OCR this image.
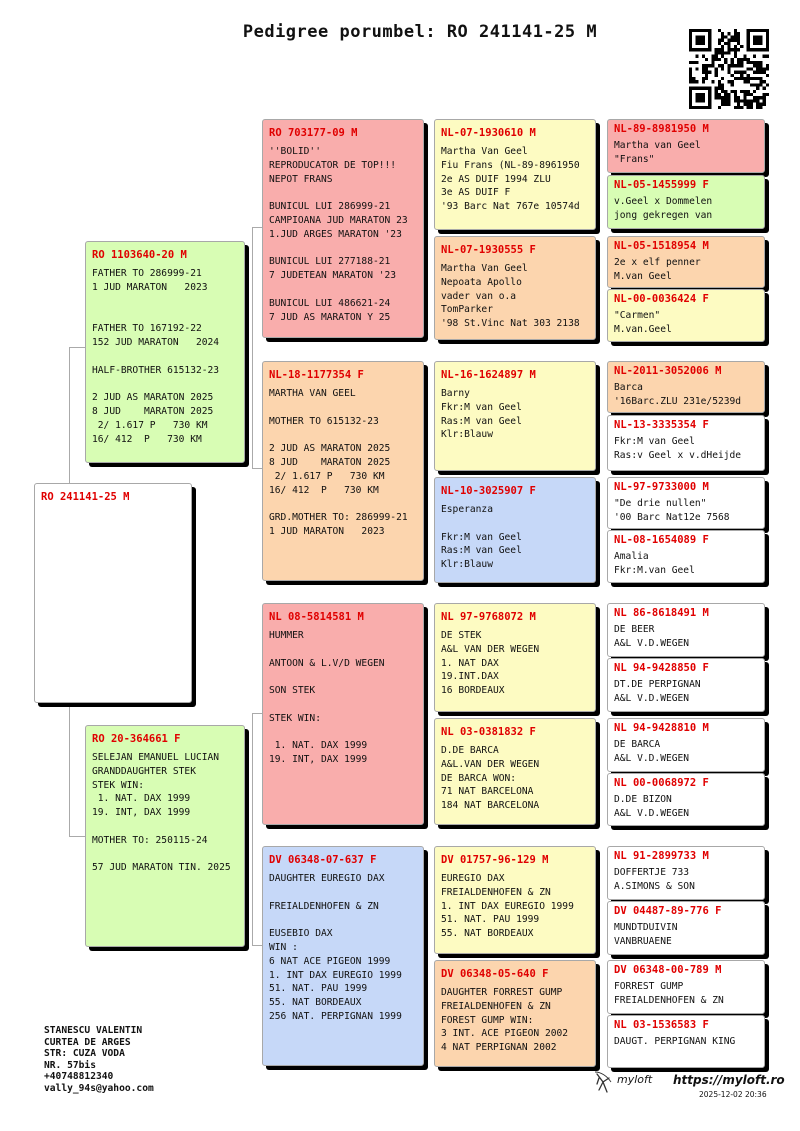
Pedigree porumbel: RO 241141-25 M
RO 241141-25 M
RO 1103640-20 M
FATHER TO 286999-21
1 JUD MARATON   2023

FATHER TO 167192-22
152 JUD MARATON   2024

HALF-BROTHER 615132-23

2 JUD AS MARATON 2025
8 JUD    MARATON 2025
2/ 1.617 P   730 KM
16/ 412  P   730 KM
RO 20-364661 F
SELEJAN EMANUEL LUCIAN
GRANDDAUGHTER STEK
STEK WIN:
1. NAT. DAX 1999
19. INT, DAX 1999

MOTHER TO: 250115-24

57 JUD MARATON TIN. 2025
RO 703177-09 M
''BOLID''
REPRODUCATOR DE TOP!!!
NEPOT FRANS

BUNICUL LUI 286999-21
CAMPIOANA JUD MARATON 23
1.JUD ARGES MARATON '23

BUNICUL LUI 277188-21
7 JUDETEAN MARATON '23

BUNICUL LUI 486621-24
7 JUD AS MARATON Y 25
NL-18-1177354 F
MARTHA VAN GEEL

MOTHER TO 615132-23

2 JUD AS MARATON 2025
8 JUD    MARATON 2025
2/ 1.617 P   730 KM
16/ 412  P   730 KM

GRD.MOTHER TO: 286999-21
1 JUD MARATON   2023
NL 08-5814581 M
HUMMER

ANTOON & L.V/D WEGEN

SON STEK

STEK WIN:

1. NAT. DAX 1999
19. INT, DAX 1999
DV 06348-07-637 F
DAUGHTER EUREGIO DAX

FREIALDENHOFEN & ZN

EUSEBIO DAX
WIN :
6 NAT ACE PIGEON 1999
1. INT DAX EUREGIO 1999
51. NAT. PAU 1999
55. NAT BORDEAUX
256 NAT. PERPIGNAN 1999
NL-07-1930610 M
Martha Van Geel
Fiu Frans (NL-89-8961950
2e AS DUIF 1994 ZLU
3e AS DUIF F
'93 Barc Nat 767e 10574d
NL-07-1930555 F
Martha Van Geel
Nepoata Apollo
vader van o.a
TomParker
'98 St.Vinc Nat 303 2138
NL-16-1624897 M
Barny
Fkr:M van Geel
Ras:M van Geel
Klr:Blauw
NL-10-3025907 F
Esperanza

Fkr:M van Geel
Ras:M van Geel
Klr:Blauw
NL 97-9768072 M
DE STEK
A&L VAN DER WEGEN
1. NAT DAX
19.INT.DAX
16 BORDEAUX
NL 03-0381832 F
D.DE BARCA
A&L.VAN DER WEGEN
DE BARCA WON:
71 NAT BARCELONA
184 NAT BARCELONA
DV 01757-96-129 M
EUREGIO DAX
FREIALDENHOFEN & ZN
1. INT DAX EUREGIO 1999
51. NAT. PAU 1999
55. NAT BORDEAUX
DV 06348-05-640 F
DAUGHTER FORREST GUMP
FREIALDENHOFEN & ZN
FOREST GUMP WIN:
3 INT. ACE PIGEON 2002
4 NAT PERPIGNAN 2002
NL-89-8981950 M
Martha van Geel
"Frans"
NL-05-1455999 F
v.Geel x Dommelen
jong gekregen van
NL-05-1518954 M
2e x elf penner
M.van Geel
NL-00-0036424 F
"Carmen"
M.van.Geel
NL-2011-3052006 M
Barca
'16Barc.ZLU 231e/5239d
NL-13-3335354 F
Fkr:M van Geel
Ras:v Geel x v.dHeijde
NL-97-9733000 M
"De drie nullen"
'00 Barc Nat12e 7568
NL-08-1654089 F
Amalia
Fkr:M.van Geel
NL 86-8618491 M
DE BEER
A&L V.D.WEGEN
NL 94-9428850 F
DT.DE PERPIGNAN
A&L V.D.WEGEN
NL 94-9428810 M
DE BARCA
A&L V.D.WEGEN
NL 00-0068972 F
D.DE BIZON
A&L V.D.WEGEN
NL 91-2899733 M
DOFFERTJE 733
A.SIMONS & SON
DV 04487-89-776 F
MUNDTDUIVIN
VANBRUAENE
DV 06348-00-789 M
FORREST GUMP
FREIALDENHOFEN & ZN
NL 03-1536583 F
DAUGT. PERPIGNAN KING
STANESCU VALENTIN
CURTEA DE ARGES
STR: CUZA VODA
NR. 57bis
+40748812340
vally_94s@yahoo.com
myloft https://myloft.ro
2025-12-02 20:36
